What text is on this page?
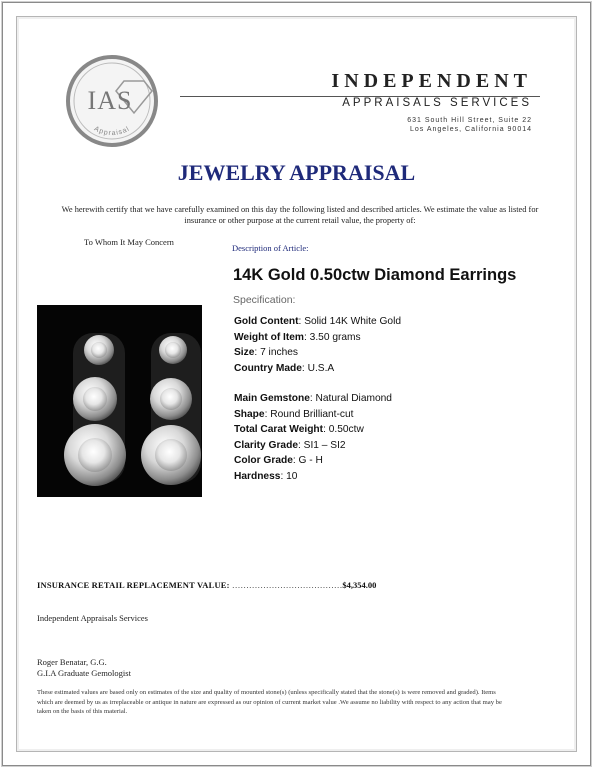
IAS
Appraisal
INDEPENDENT
APPRAISALS SERVICES
631 South Hill Street, Suite 22
Los Angeles, California 90014
JEWELRY APPRAISAL
We herewith certify that we have carefully examined on this day the following listed and described articles. We estimate the value as listed for insurance or other purpose at the current retail value, the property of:
To Whom It May Concern
Description of Article:
14K Gold 0.50ctw Diamond Earrings
Specification:
Gold Content: Solid 14K White Gold
Weight of Item: 3.50 grams
Size: 7 inches
Country Made: U.S.A
Main Gemstone: Natural Diamond
Shape: Round Brilliant-cut
Total Carat Weight: 0.50ctw
Clarity Grade: SI1 – SI2
Color Grade: G - H
Hardness: 10
INSURANCE RETAIL REPLACEMENT VALUE: …………………………………$4,354.00
Independent Appraisals Services
Roger Benatar, G.G.
G.I.A Graduate Gemologist
These estimated values are based only on estimates of the size and quality of mounted stone(s) (unless specifically stated that the stone(s) is were removed and graded). Items which are deemed by us as irreplaceable or antique in nature are expressed as our opinion of current market value .We assume no liability with respect to any action that may be taken on the basis of this material.
